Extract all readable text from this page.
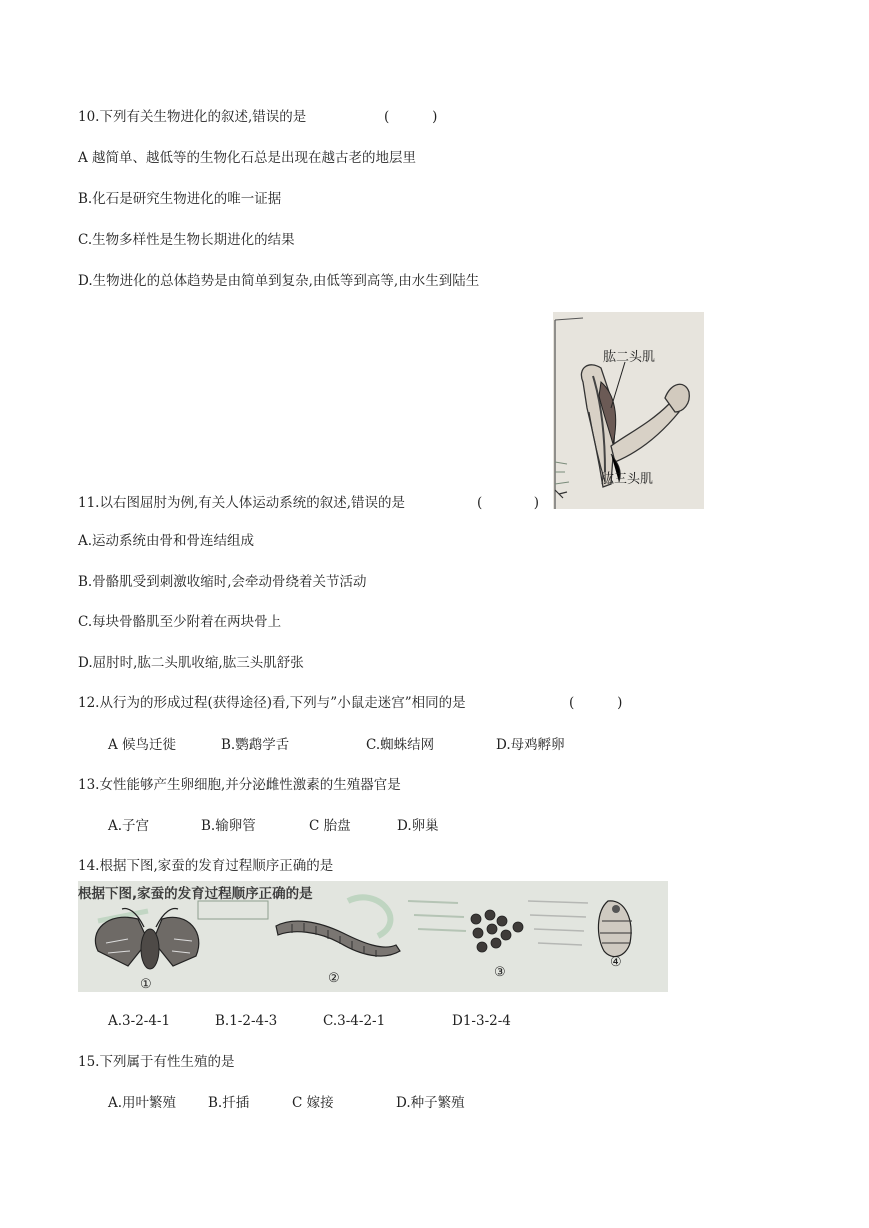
10.下列有关生物进化的叙述,错误的是	(          )
A 越简单、越低等的生物化石总是出现在越古老的地层里
B.化石是研究生物进化的唯一证据
C.生物多样性是生物长期进化的结果
D.生物进化的总体趋势是由简单到复杂,由低等到高等,由水生到陆生
肱二头肌
肱三头肌
11.以右图屈肘为例,有关人体运动系统的叙述,错误的是	(            )
A.运动系统由骨和骨连结组成
B.骨骼肌受到刺激收缩时,会牵动骨绕着关节活动
C.每块骨骼肌至少附着在两块骨上
D.屈肘时,肱二头肌收缩,肱三头肌舒张
12.从行为的形成过程(获得途径)看,下列与”小鼠走迷宫”相同的是	(          )
A 候鸟迁徙	B.鹦鹉学舌	C.蜘蛛结网	D.母鸡孵卵
13.女性能够产生卵细胞,并分泌雌性激素的生殖器官是
A.子宫	B.输卵管	C 胎盘	D.卵巢
14.根据下图,家蚕的发育过程顺序正确的是
根据下图,家蚕的发育过程顺序正确的是
①	②	③
④
A.3-2-4-1	B.1-2-4-3	C.3-4-2-1	D1-3-2-4
15.下列属于有性生殖的是
A.用叶繁殖 B.扦插	C 嫁接	D.种子繁殖
